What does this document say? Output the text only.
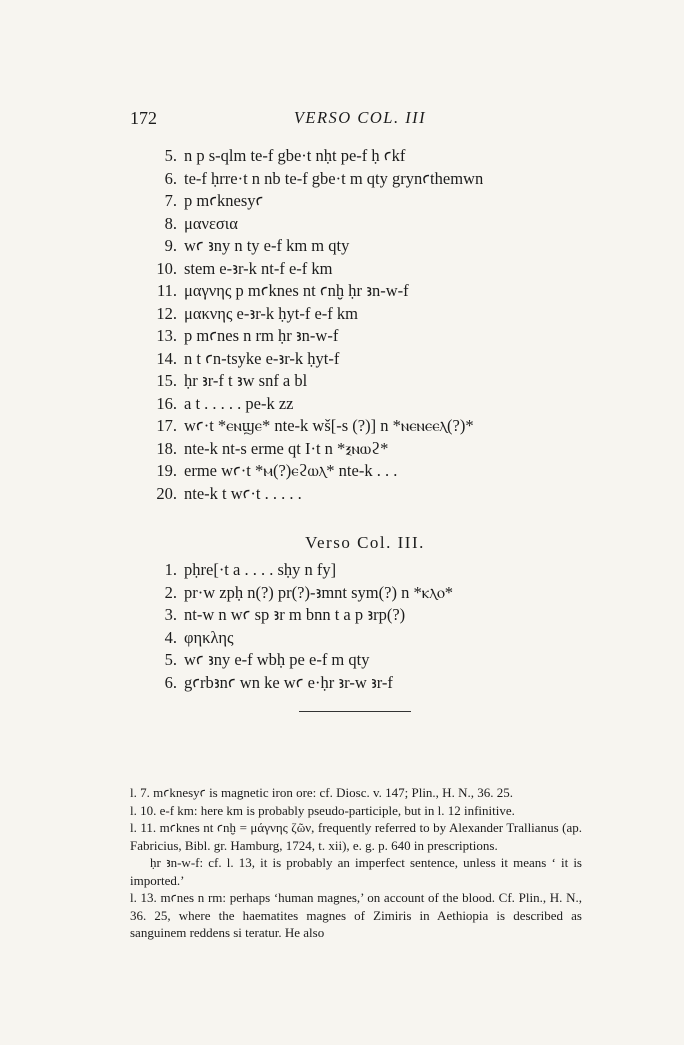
172	VERSO COL. III
5. n p s-qlm te-f gbe·t nḥt pe-f ḥ ꜥkf
6. te-f ḥrre·t n nb te-f gbe·t m qty grynꜥthemwn
7. p mꜥknesyꜥ
8. μανεσια
9. wꜥ ꜣny n ty e-f km m qty
10. stem e-ꜣr-k nt-f e-f km
11. μαγνης p mꜥknes nt ꜥnḫ ḥr ꜣn-w-f
12. μακνης e-ꜣr-k ḥyt-f e-f km
13. p mꜥnes n rm ḥr ꜣn-w-f
14. n t ꜥn-tsyke e-ꜣr-k ḥyt-f
15. ḥr ꜣr-f t ꜣw snf a bl
16. a t . . . . . pe-k zz
17. wꜥ·t *ⲉⲛϣⲉ* nte-k wš[-s (?)] n *ⲛⲉⲛⲉⲉⲗ(?)*
18. nte-k nt-s erme qt I·t n *ⲝⲛⲱϩ*
19. erme wꜥ·t *ⲙ(?)ⲉϩⲱⲗ* nte-k . . .
20. nte-k t wꜥ·t . . . . .
Verso Col. III.
1. pḥre[·t a . . . . sḥy n fy]
2. pr·w zpḥ n(?) pr(?)-ꜣmnt sym(?) n *ⲕⲗⲟ*
3. nt-w n wꜥ sp ꜣr m bnn t a p ꜣrp(?)
4. φηκλης
5. wꜥ ꜣny e-f wbḥ pe e-f m qty
6. gꜥrbꜣnꜥ wn ke wꜥ e·ḥr ꜣr-w ꜣr-f

l. 7. mꜥknesyꜥ is magnetic iron ore: cf. Diosc. v. 147; Plin., H. N., 36. 25.

l. 10. e-f km: here km is probably pseudo-participle, but in l. 12 infinitive.

l. 11. mꜥknes nt ꜥnḫ = μάγνης ζῶν, frequently referred to by Alexander Trallianus (ap. Fabricius, Bibl. gr. Hamburg, 1724, t. xii), e. g. p. 640 in prescriptions.

ḥr ꜣn-w-f: cf. l. 13, it is probably an imperfect sentence, unless it means ‘ it is imported.’

l. 13. mꜥnes n rm: perhaps ‘human magnes,’ on account of the blood. Cf. Plin., H. N., 36. 25, where the haematites magnes of Zimiris in Aethiopia is described as sanguinem reddens si teratur. He also
